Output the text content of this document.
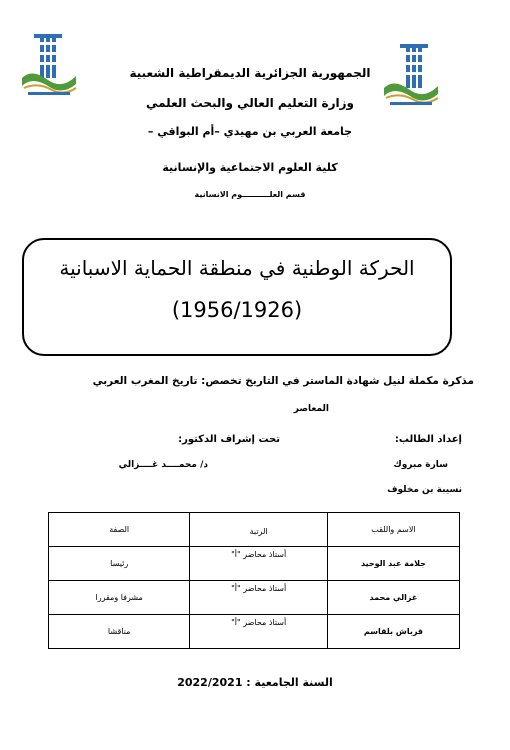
الجمهورية الجزائرية الديمقراطية الشعبية
وزارة التعليم العالي والبحث العلمي
جامعة العربي بن مهيدي –أم البواقي –
كلية العلوم الاجتماعية والإنسانية
قسم العلــــــــــوم الانسانية
الحركة الوطنية في منطقة الحماية الاسبانية
(1956/1926)
مذكرة مكملة لنيل شهادة الماستر في التاريخ تخصص: تاريخ المغرب العربي
المعاصر
إعداد الطالب:
تحت إشراف الدكتور:
سارة مبروك
د/ محمــــد غــــزالي
نسيبة بن مخلوف
الاسم واللقب	الرتبة	الصفة
جلامة عبد الوحيد	أستاذ محاضر "أ"	رئيسا
غزالي محمد	أستاذ محاضر "أ"	مشرفا ومقررا
قرباش بلقاسم	أستاذ محاضر "أ"	مناقشا
السنة الجامعية : 2022/2021
